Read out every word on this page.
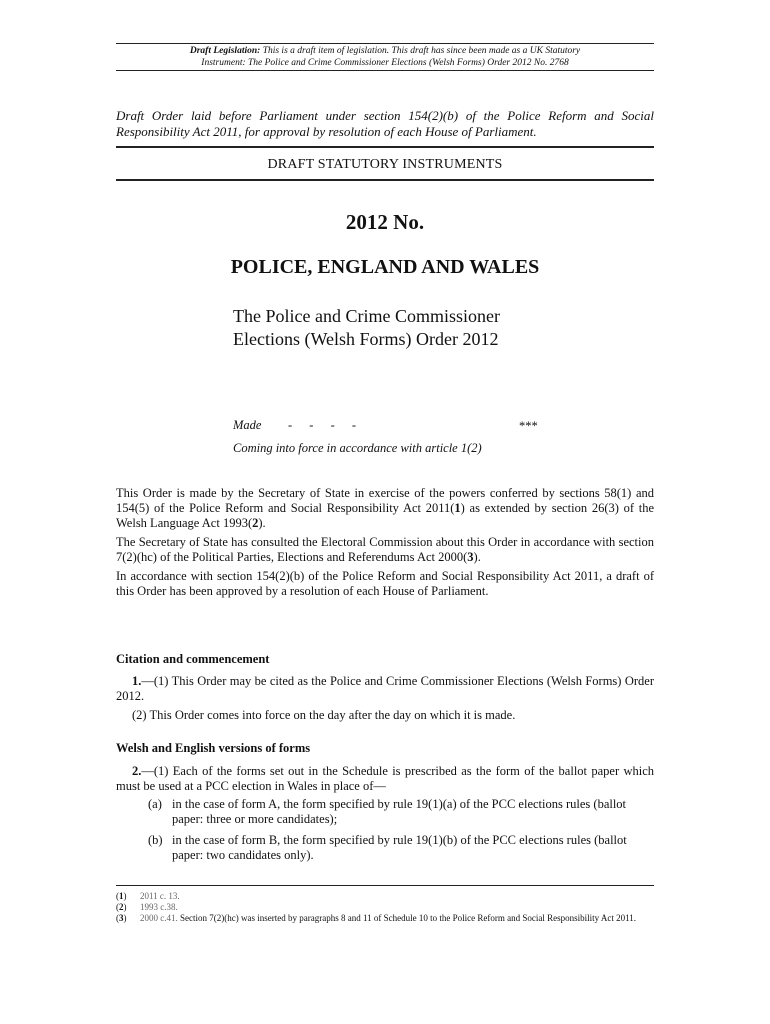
Draft Legislation: This is a draft item of legislation. This draft has since been made as a UK Statutory
Instrument: The Police and Crime Commissioner Elections (Welsh Forms) Order 2012 No. 2768
Draft Order laid before Parliament under section 154(2)(b) of the Police Reform and Social Responsibility Act 2011, for approval by resolution of each House of Parliament.
DRAFT STATUTORY INSTRUMENTS
2012 No.
POLICE, ENGLAND AND WALES
The Police and Crime Commissioner
Elections (Welsh Forms) Order 2012
Made - - - -	***
Coming into force in accordance with article 1(2)

This Order is made by the Secretary of State in exercise of the powers conferred by sections 58(1) and 154(5) of the Police Reform and Social Responsibility Act 2011(1) as extended by section 26(3) of the Welsh Language Act 1993(2).

The Secretary of State has consulted the Electoral Commission about this Order in accordance with section 7(2)(hc) of the Political Parties, Elections and Referendums Act 2000(3).

In accordance with section 154(2)(b) of the Police Reform and Social Responsibility Act 2011, a draft of this Order has been approved by a resolution of each House of Parliament.

Citation and commencement
1.—(1) This Order may be cited as the Police and Crime Commissioner Elections (Welsh Forms) Order 2012.
(2) This Order comes into force on the day after the day on which it is made.
Welsh and English versions of forms
2.—(1) Each of the forms set out in the Schedule is prescribed as the form of the ballot paper which must be used at a PCC election in Wales in place of—
(a) in the case of form A, the form specified by rule 19(1)(a) of the PCC elections rules (ballot paper: three or more candidates);
(b) in the case of form B, the form specified by rule 19(1)(b) of the PCC elections rules (ballot paper: two candidates only).
(1) 2011 c. 13.
(2) 1993 c.38.
(3) 2000 c.41. Section 7(2)(hc) was inserted by paragraphs 8 and 11 of Schedule 10 to the Police Reform and Social Responsibility Act 2011.
